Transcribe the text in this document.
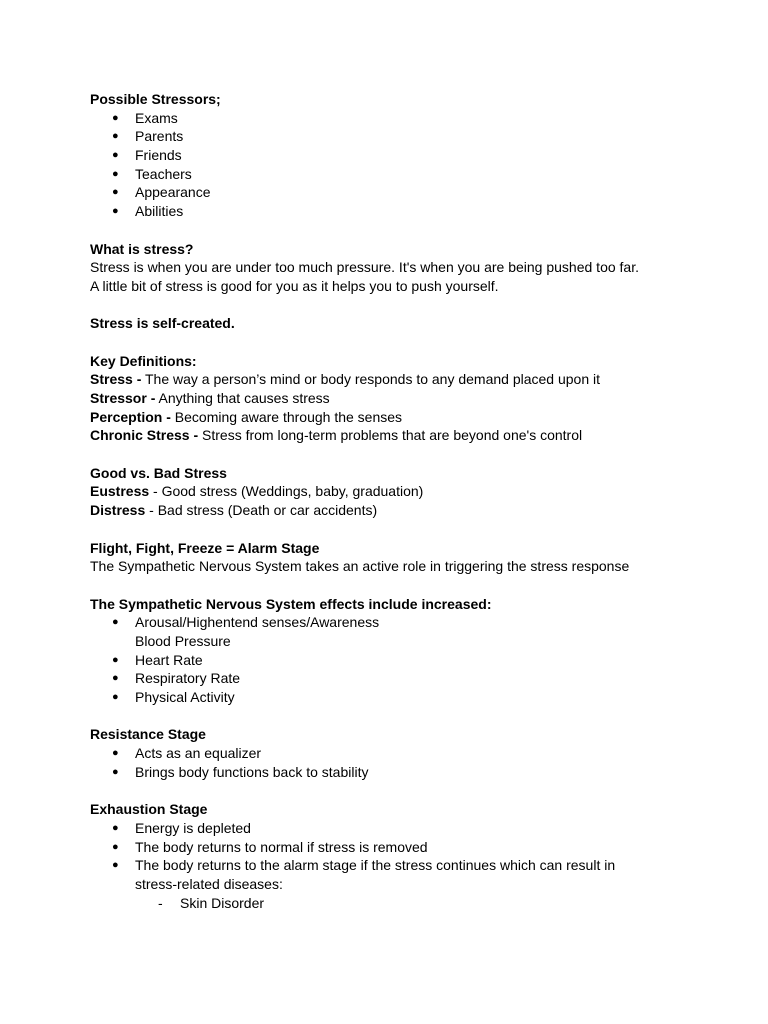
Possible Stressors;
● Exams
● Parents
● Friends
● Teachers
● Appearance
● Abilities
What is stress?
Stress is when you are under too much pressure. It's when you are being pushed too far.
A little bit of stress is good for you as it helps you to push yourself.
Stress is self-created.
Key Definitions:
Stress - The way a person’s mind or body responds to any demand placed upon it
Stressor - Anything that causes stress
Perception - Becoming aware through the senses
Chronic Stress - Stress from long-term problems that are beyond one's control
Good vs. Bad Stress
Eustress - Good stress (Weddings, baby, graduation)
Distress - Bad stress (Death or car accidents)
Flight, Fight, Freeze = Alarm Stage
The Sympathetic Nervous System takes an active role in triggering the stress response
The Sympathetic Nervous System effects include increased:
● Arousal/Highentend senses/Awareness
Blood Pressure
● Heart Rate
● Respiratory Rate
● Physical Activity
Resistance Stage
● Acts as an equalizer
● Brings body functions back to stability
Exhaustion Stage
● Energy is depleted
● The body returns to normal if stress is removed
● The body returns to the alarm stage if the stress continues which can result in
stress-related diseases:
- Skin Disorder
